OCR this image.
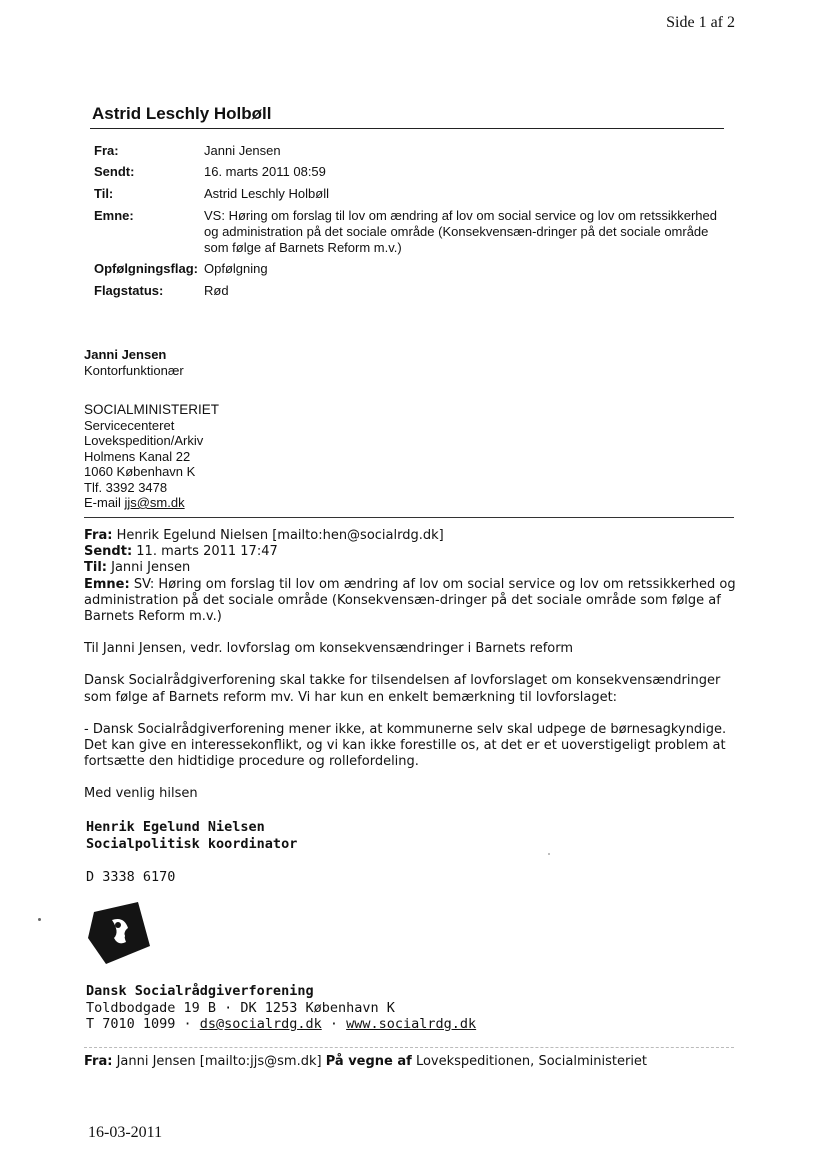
Side 1 af 2
Astrid Leschly Holbøll
Fra:	Janni Jensen
Sendt:	16. marts 2011 08:59
Til:	Astrid Leschly Holbøll
Emne:	VS: Høring om forslag til lov om ændring af lov om social service og lov om retssikkerhed og administration på det sociale område (Konsekvensæn-dringer på det sociale område som følge af Barnets Reform m.v.)
Opfølgningsflag: Opfølgning
Flagstatus:	Rød
Janni Jensen
Kontorfunktionær
SOCIALMINISTERIET
Servicecenteret
Lovekspedition/Arkiv
Holmens Kanal 22
1060 København K
Tlf. 3392 3478
E-mail jjs@sm.dk
Fra: Henrik Egelund Nielsen [mailto:hen@socialrdg.dk]
Sendt: 11. marts 2011 17:47
Til: Janni Jensen
Emne: SV: Høring om forslag til lov om ændring af lov om social service og lov om retssikkerhed og administration på det sociale område (Konsekvensæn-dringer på det sociale område som følge af Barnets Reform m.v.)

Til Janni Jensen, vedr. lovforslag om konsekvensændringer i Barnets reform

Dansk Socialrådgiverforening skal takke for tilsendelsen af lovforslaget om konsekvensændringer som følge af Barnets reform mv. Vi har kun en enkelt bemærkning til lovforslaget:

- Dansk Socialrådgiverforening mener ikke, at kommunerne selv skal udpege de børnesagkyndige. Det kan give en interessekonflikt, og vi kan ikke forestille os, at det er et uoverstigeligt problem at fortsætte den hidtidige procedure og rollefordeling.

Med venlig hilsen

Henrik Egelund Nielsen
Socialpolitisk koordinator
D 3338 6170
Dansk Socialrådgiverforening
Toldbodgade 19 B · DK 1253 København K
T 7010 1099 · ds@socialrdg.dk · www.socialrdg.dk
Fra: Janni Jensen [mailto:jjs@sm.dk] På vegne af Lovekspeditionen, Socialministeriet
16-03-2011
